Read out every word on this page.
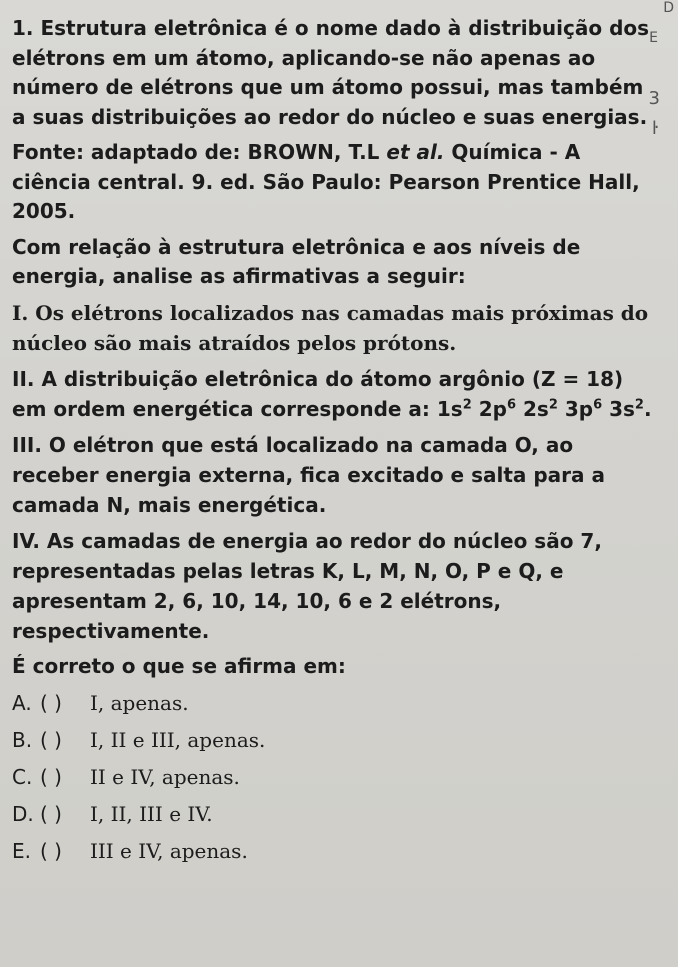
D
E
3
ŀ

1. Estrutura eletrônica é o nome dado à distribuição dos elétrons em um átomo, aplicando-se não apenas ao número de elétrons que um átomo possui, mas também a suas distribuições ao redor do núcleo e suas energias.

Fonte: adaptado de: BROWN, T.L et al. Química - A ciência central. 9. ed. São Paulo: Pearson Prentice Hall, 2005.

Com relação à estrutura eletrônica e aos níveis de energia, analise as afirmativas a seguir:

I. Os elétrons localizados nas camadas mais próximas do núcleo são mais atraídos pelos prótons.

II. A distribuição eletrônica do átomo argônio (Z = 18) em ordem energética corresponde a: $1s^2$ $2p^6$ $2s^2$ $3p^6$ $3s^2$.

III. O elétron que está localizado na camada O, ao receber energia externa, fica excitado e salta para a camada N, mais energética.

IV. As camadas de energia ao redor do núcleo são 7, representadas pelas letras K, L, M, N, O, P e Q, e apresentam 2, 6, 10, 14, 10, 6 e 2 elétrons, respectivamente.

É correto o que se afirma em:

A. ( ) I, apenas.

B. ( ) I, II e III, apenas.

C. ( ) II e IV, apenas.

D. ( ) I, II, III e IV.

E. ( ) III e IV, apenas.
